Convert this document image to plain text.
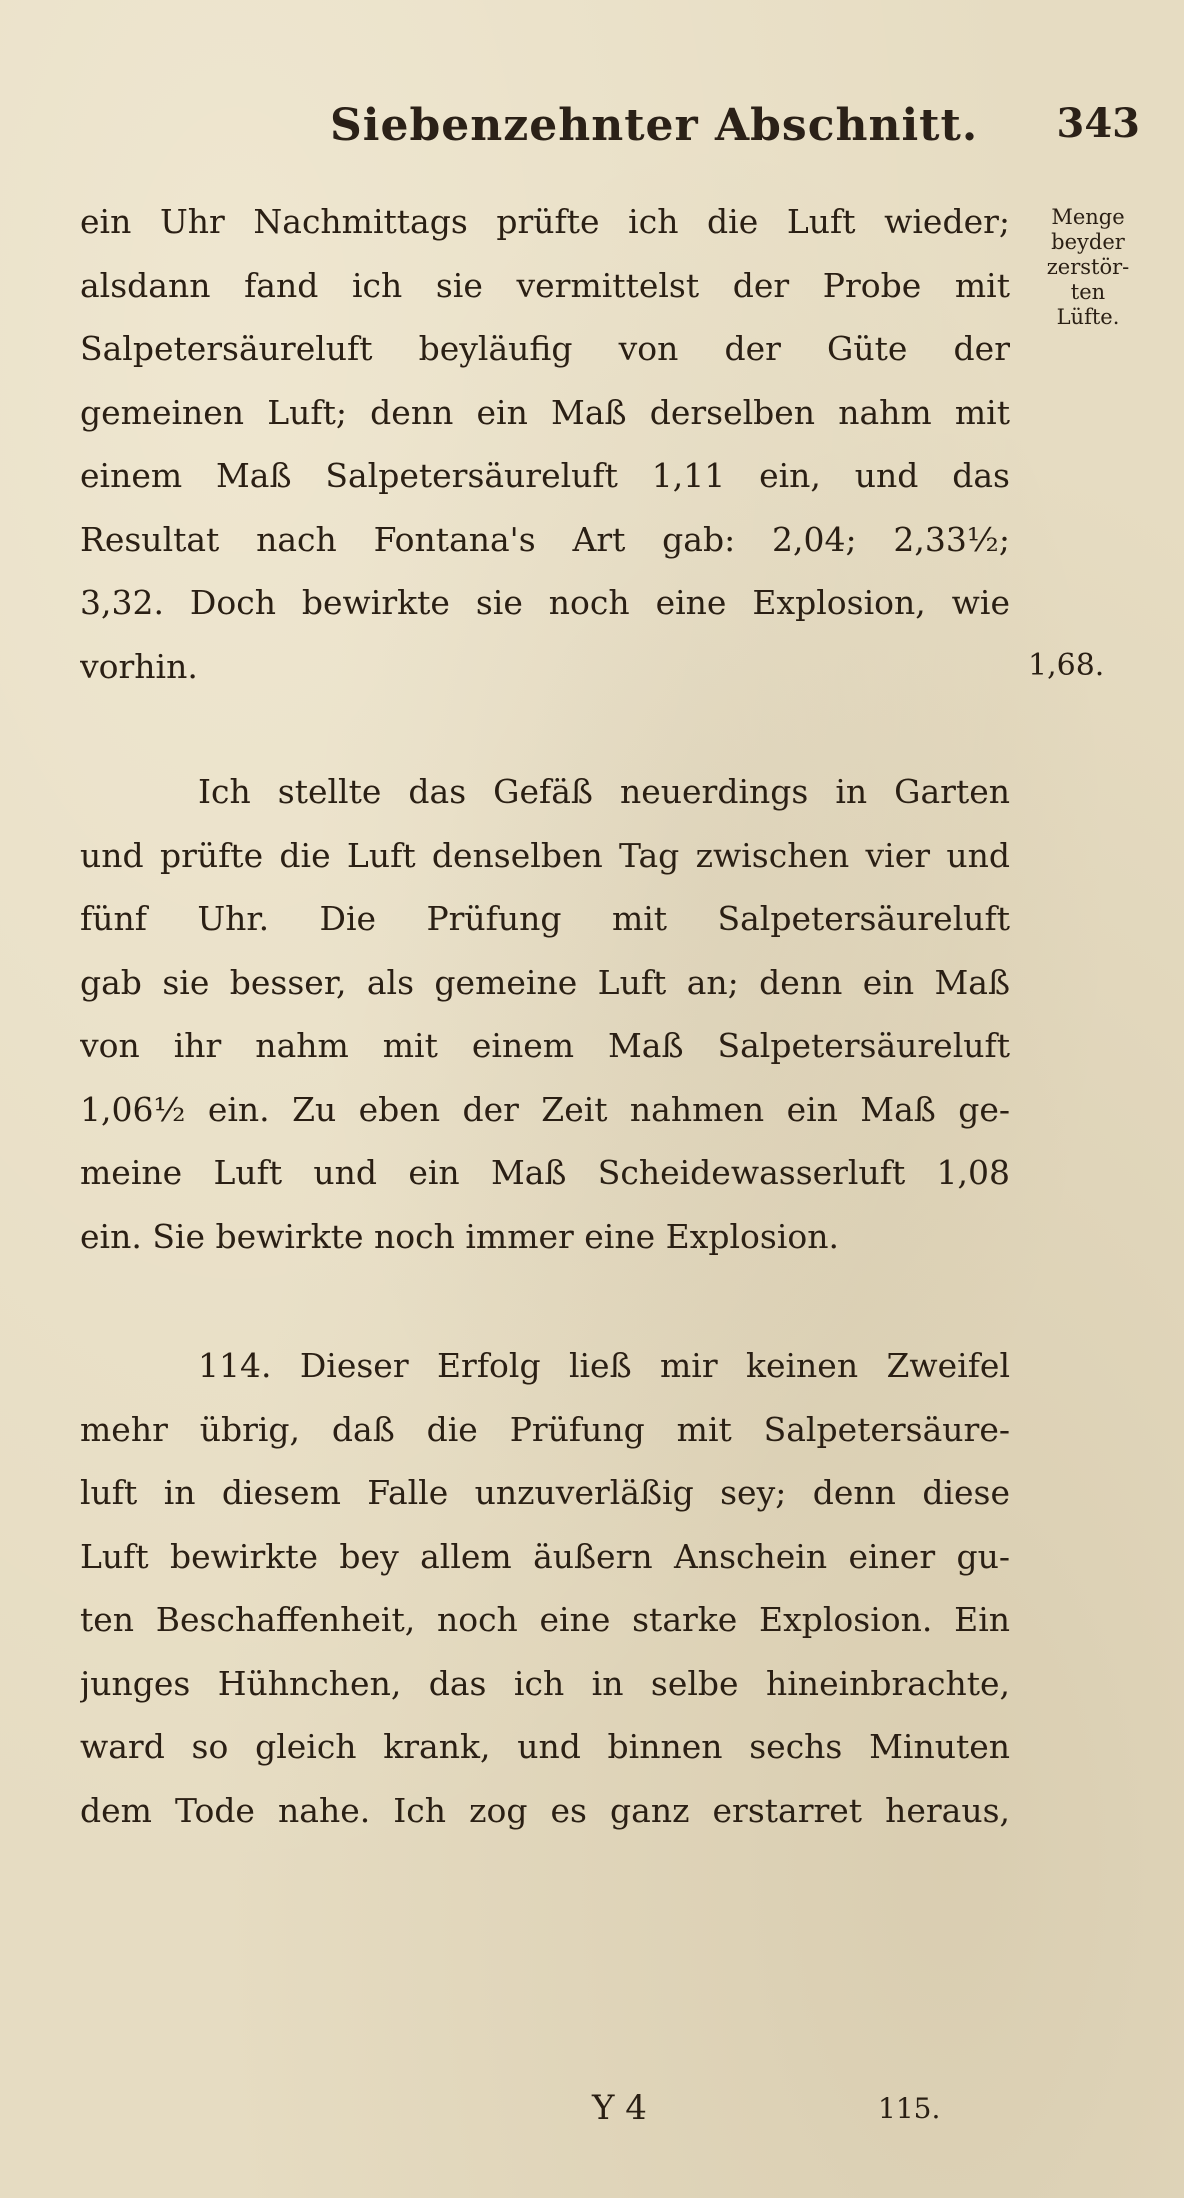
Siebenzehnter Abschnitt. 343
Menge
beyder
zerstör-
ten
Lüfte.
1,68.
ein Uhr Nachmittags prüfte ich die Luft wieder;
alsdann fand ich sie vermittelst der Probe mit
Salpetersäureluft beyläufig von der Güte der
gemeinen Luft; denn ein Maß derselben nahm mit
einem Maß Salpetersäureluft 1,11 ein, und das
Resultat nach Fontana's Art gab: 2,04; 2,33½;
3,32. Doch bewirkte sie noch eine Explosion, wie
vorhin.
Ich stellte das Gefäß neuerdings in Garten
und prüfte die Luft denselben Tag zwischen vier und
fünf Uhr. Die Prüfung mit Salpetersäureluft
gab sie besser, als gemeine Luft an; denn ein Maß
von ihr nahm mit einem Maß Salpetersäureluft
1,06½ ein. Zu eben der Zeit nahmen ein Maß ge-
meine Luft und ein Maß Scheidewasserluft 1,08
ein. Sie bewirkte noch immer eine Explosion.
114. Dieser Erfolg ließ mir keinen Zweifel
mehr übrig, daß die Prüfung mit Salpetersäure-
luft in diesem Falle unzuverläßig sey; denn diese
Luft bewirkte bey allem äußern Anschein einer gu-
ten Beschaffenheit, noch eine starke Explosion. Ein
junges Hühnchen, das ich in selbe hineinbrachte,
ward so gleich krank, und binnen sechs Minuten
dem Tode nahe. Ich zog es ganz erstarret heraus,
Y 4	115.
